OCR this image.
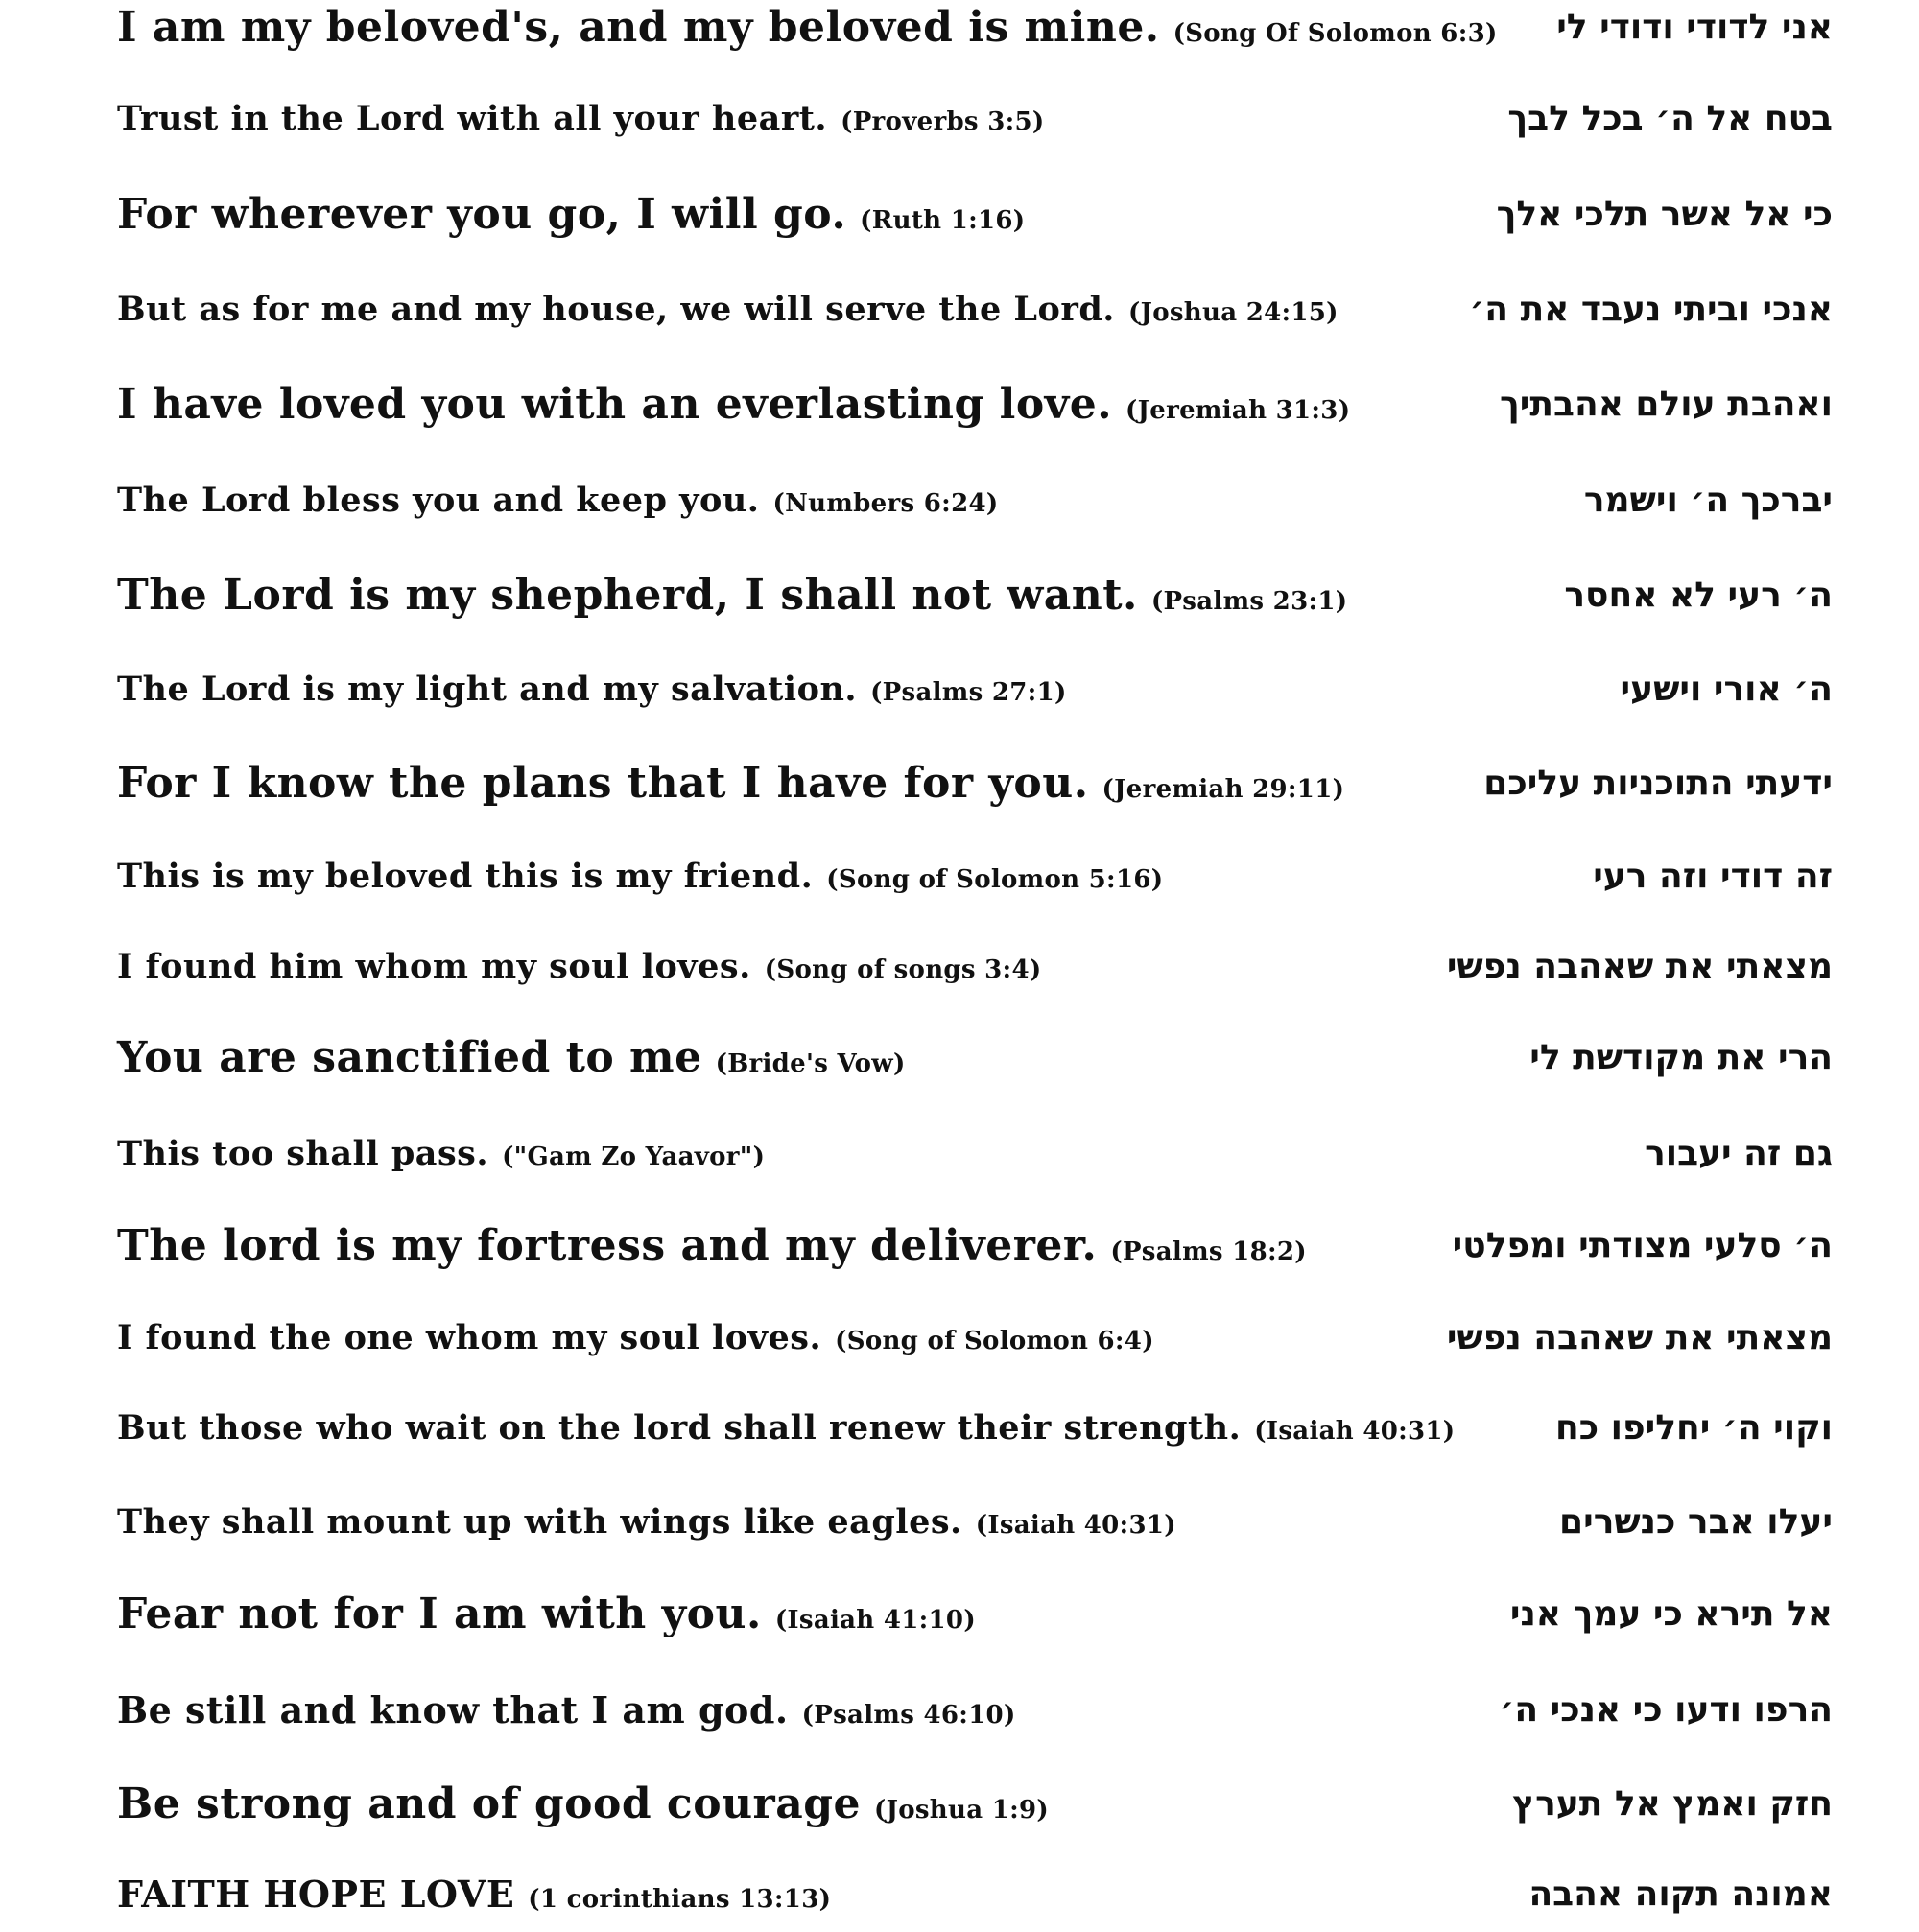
I am my beloved's, and my beloved is mine. (Song Of Solomon 6:3) אני לדודי ודודי לי
Trust in the Lord with all your heart. (Proverbs 3:5)	בטח אל ה׳ בכל לבך
For wherever you go, I will go. (Ruth 1:16)	כי אל אשר תלכי אלך
But as for me and my house, we will serve the Lord. (Joshua 24:15)	אנכי וביתי נעבד את ה׳
I have loved you with an everlasting love. (Jeremiah 31:3)	ואהבת עולם אהבתיך
The Lord bless you and keep you. (Numbers 6:24)	יברכך ה׳ וישמר
The Lord is my shepherd, I shall not want. (Psalms 23:1)	ה׳ רעי לא אחסר
The Lord is my light and my salvation. (Psalms 27:1)	ה׳ אורי וישעי
For I know the plans that I have for you. (Jeremiah 29:11)	ידעתי התוכניות עליכם
This is my beloved this is my friend. (Song of Solomon 5:16)	זה דודי וזה רעי
I found him whom my soul loves. (Song of songs 3:4)	מצאתי את שאהבה נפשי
You are sanctified to me (Bride's Vow)	הרי את מקודשת לי
This too shall pass. ("Gam Zo Yaavor")	גם זה יעבור
The lord is my fortress and my deliverer. (Psalms 18:2)	ה׳ סלעי מצודתי ומפלטי
I found the one whom my soul loves. (Song of Solomon 6:4)	מצאתי את שאהבה נפשי
But those who wait on the lord shall renew their strength. (Isaiah 40:31)	וקוי ה׳ יחליפו כח
They shall mount up with wings like eagles. (Isaiah 40:31)	יעלו אבר כנשרים
Fear not for I am with you. (Isaiah 41:10)	אל תירא כי עמך אני
Be still and know that I am god. (Psalms 46:10)	הרפו ודעו כי אנכי ה׳
Be strong and of good courage (Joshua 1:9)	חזק ואמץ אל תערץ
FAITH HOPE LOVE (1 corinthians 13:13)	אמונה תקוה אהבה
